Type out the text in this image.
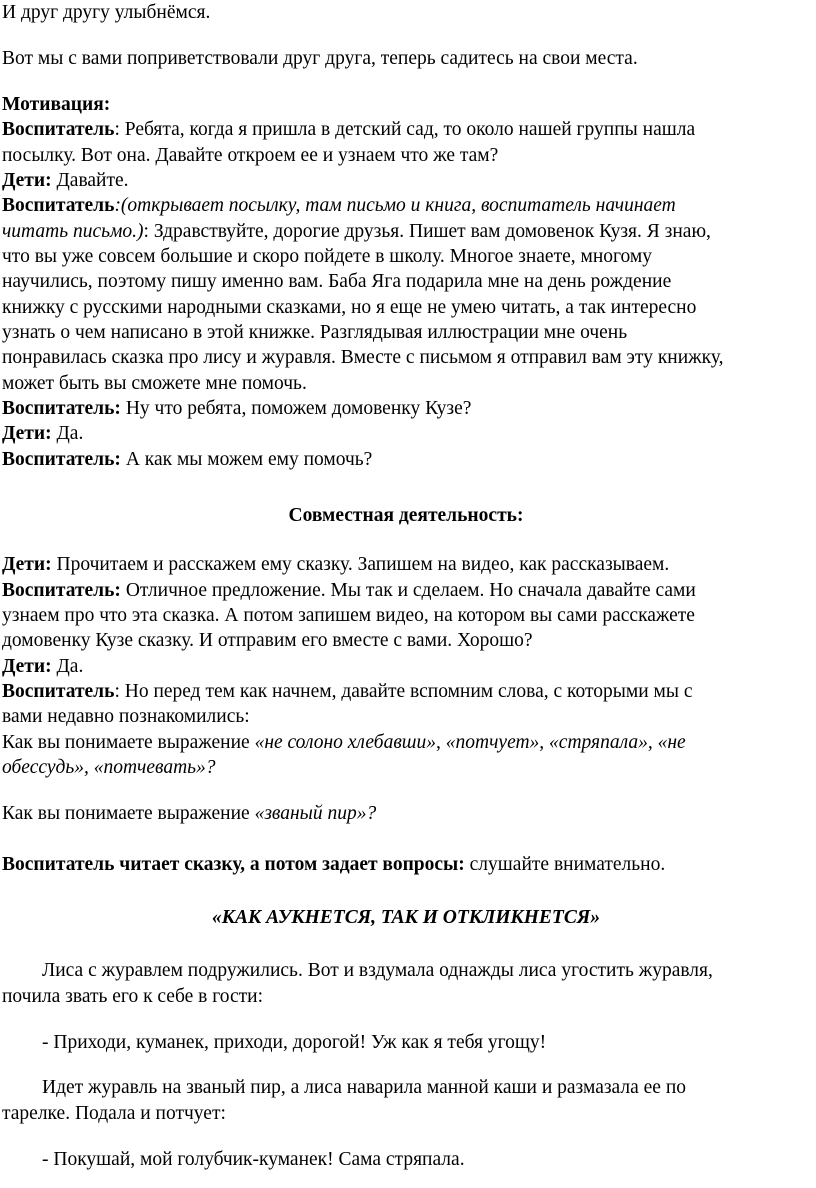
И друг другу улыбнёмся.
Вот мы с вами поприветствовали друг друга, теперь садитесь на свои места.
Мотивация:
Воспитатель: Ребята, когда я пришла в детский сад, то около нашей группы нашла
посылку. Вот она. Давайте откроем ее и узнаем что же там?
Дети: Давайте.
Воспитатель:(открывает посылку, там письмо и книга, воспитатель начинает
читать письмо.): Здравствуйте, дорогие друзья. Пишет вам домовенок Кузя. Я знаю,
что вы уже совсем большие и скоро пойдете в школу. Многое знаете, многому
научились, поэтому пишу именно вам. Баба Яга подарила мне на день рождение
книжку с русскими народными сказками, но я еще не умею читать, а так интересно
узнать о чем написано в этой книжке. Разглядывая иллюстрации мне очень
понравилась сказка про лису и журавля. Вместе с письмом я отправил вам эту книжку,
может быть вы сможете мне помочь.
Воспитатель: Ну что ребята, поможем домовенку Кузе?
Дети: Да.
Воспитатель: А как мы можем ему помочь?
Совместная деятельность:
Дети: Прочитаем и расскажем ему сказку. Запишем на видео, как рассказываем.
Воспитатель: Отличное предложение. Мы так и сделаем. Но сначала давайте сами
узнаем про что эта сказка. А потом запишем видео, на котором вы сами расскажете
домовенку Кузе сказку. И отправим его вместе с вами. Хорошо?
Дети: Да.
Воспитатель: Но перед тем как начнем, давайте вспомним слова, с которыми мы с
вами недавно познакомились:
Как вы понимаете выражение «не солоно хлебавши», «потчует», «стряпала», «не
обессудь», «потчевать»?
Как вы понимаете выражение «званый пир»?
Воспитатель читает сказку, а потом задает вопросы: слушайте внимательно.
«КАК АУКНЕТСЯ, ТАК И ОТКЛИКНЕТСЯ»
Лиса с журавлем подружились. Вот и вздумала однажды лиса угостить журавля,
почила звать его к себе в гости:
- Приходи, куманек, приходи, дорогой! Уж как я тебя угощу!
Идет журавль на званый пир, а лиса наварила манной каши и размазала ее по
тарелке. Подала и потчует:
- Покушай, мой голубчик-куманек! Сама стряпала.
